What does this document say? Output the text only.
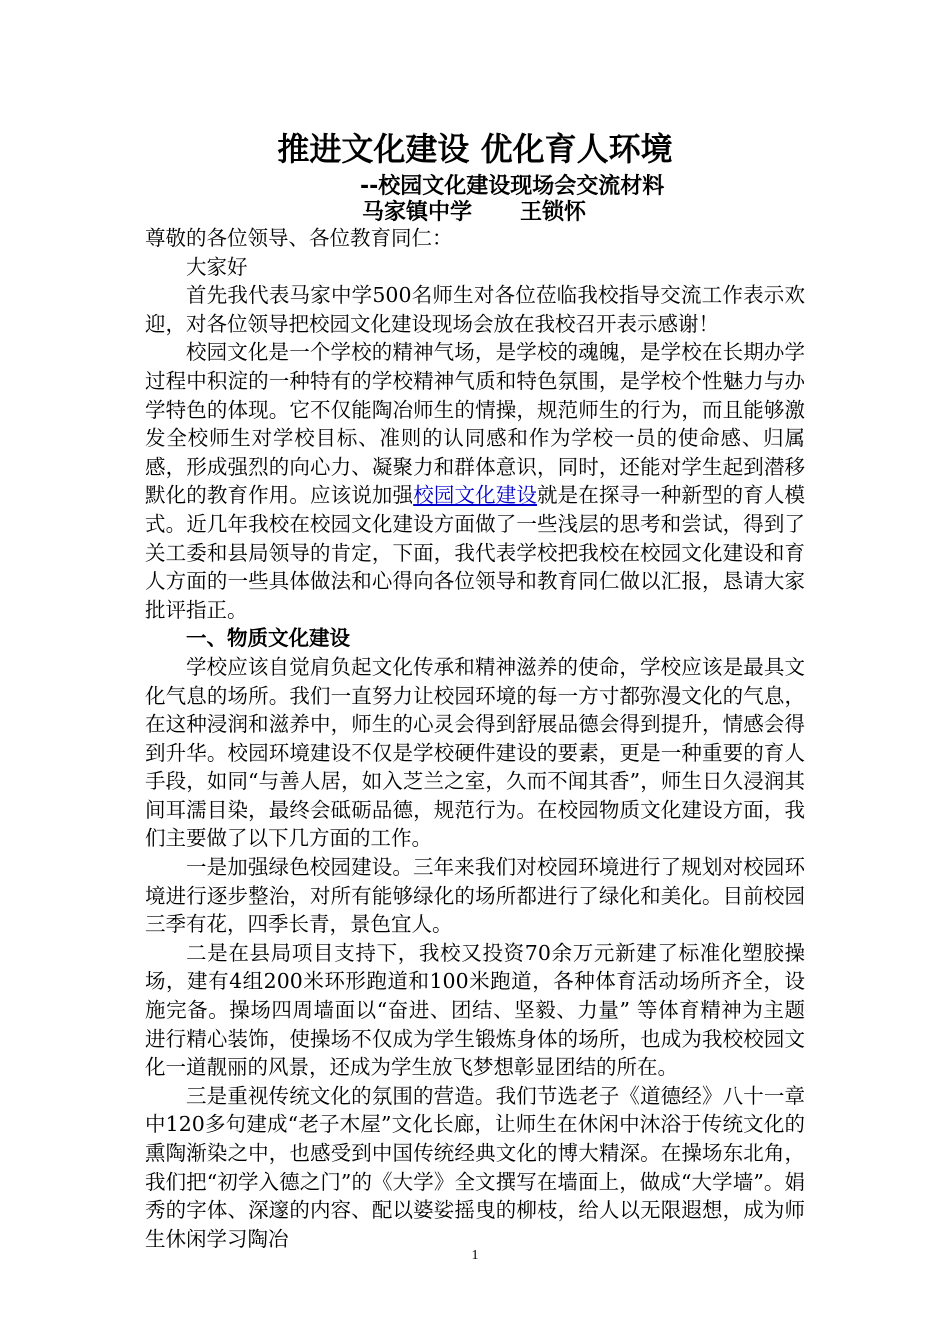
推进文化建设 优化育人环境
--校园文化建设现场会交流材料
马家镇中学 王锁怀

尊敬的各位领导、各位教育同仁：

大家好

首先我代表马家中学500名师生对各位莅临我校指导交流工作表示欢迎，对各位领导把校园文化建设现场会放在我校召开表示感谢！

校园文化是一个学校的精神气场，是学校的魂魄，是学校在长期办学过程中积淀的一种特有的学校精神气质和特色氛围，是学校个性魅力与办学特色的体现。它不仅能陶冶师生的情操，规范师生的行为，而且能够激发全校师生对学校目标、准则的认同感和作为学校一员的使命感、归属感，形成强烈的向心力、凝聚力和群体意识，同时，还能对学生起到潜移默化的教育作用。应该说加强校园文化建设就是在探寻一种新型的育人模式。近几年我校在校园文化建设方面做了一些浅层的思考和尝试，得到了关工委和县局领导的肯定，下面，我代表学校把我校在校园文化建设和育人方面的一些具体做法和心得向各位领导和教育同仁做以汇报，恳请大家批评指正。

一、物质文化建设

学校应该自觉肩负起文化传承和精神滋养的使命，学校应该是最具文化气息的场所。我们一直努力让校园环境的每一方寸都弥漫文化的气息，在这种浸润和滋养中，师生的心灵会得到舒展品德会得到提升，情感会得到升华。校园环境建设不仅是学校硬件建设的要素，更是一种重要的育人手段，如同“与善人居，如入芝兰之室，久而不闻其香”，师生日久浸润其间耳濡目染，最终会砥砺品德，规范行为。在校园物质文化建设方面，我们主要做了以下几方面的工作。

一是加强绿色校园建设。三年来我们对校园环境进行了规划对校园环境进行逐步整治，对所有能够绿化的场所都进行了绿化和美化。目前校园三季有花，四季长青，景色宜人。

二是在县局项目支持下，我校又投资70余万元新建了标准化塑胶操场，建有4组200米环形跑道和100米跑道，各种体育活动场所齐全，设施完备。操场四周墙面以“奋进、团结、坚毅、力量” 等体育精神为主题进行精心装饰，使操场不仅成为学生锻炼身体的场所，也成为我校校园文化一道靓丽的风景，还成为学生放飞梦想彰显团结的所在。

三是重视传统文化的氛围的营造。我们节选老子《道德经》八十一章中120多句建成“老子木屋”文化长廊，让师生在休闲中沐浴于传统文化的熏陶渐染之中，也感受到中国传统经典文化的博大精深。在操场东北角，我们把“初学入德之门”的《大学》全文撰写在墙面上，做成“大学墙”。娟秀的字体、深邃的内容、配以婆娑摇曳的柳枝，给人以无限遐想，成为师生休闲学习陶冶

1
